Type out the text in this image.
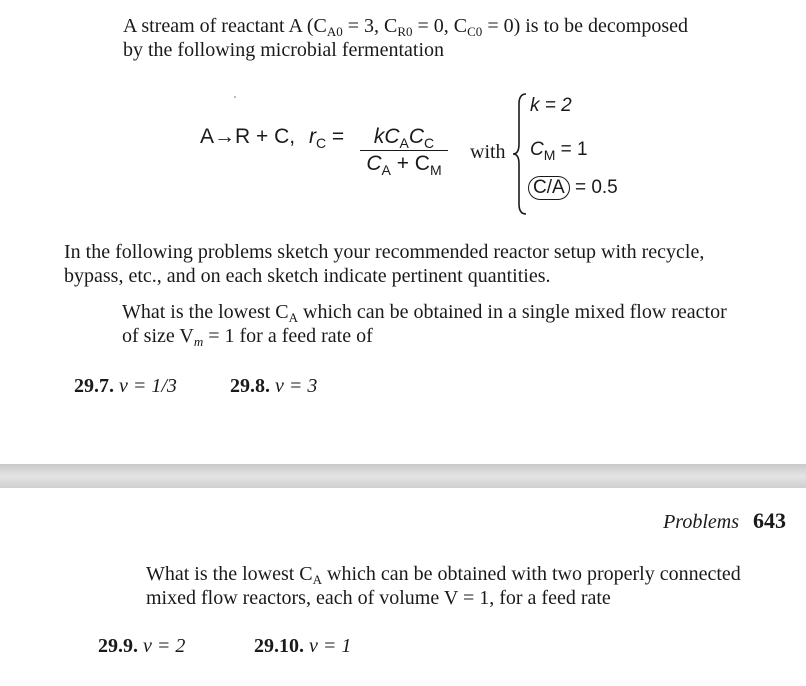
A stream of reactant A ($C_{A0} = 3$, $C_{R0} = 0$, $C_{C0} = 0$) is to be decomposed
by the following microbial fermentation
A→R + C, $r_C$ =	$kC_AC_C$
$C_A + C_M$
with
k = 2
$C_M = 1$
C/A = 0.5
In the following problems sketch your recommended reactor setup with recycle,
bypass, etc., and on each sketch indicate pertinent quantities.
What is the lowest $C_A$ which can be obtained in a single mixed flow reactor
of size $V_m = 1$ for a feed rate of
29.7. v = 1/3	29.8. v = 3
Problems 643
What is the lowest $C_A$ which can be obtained with two properly connected
mixed flow reactors, each of volume V = 1, for a feed rate
29.9. v = 2	29.10. v = 1
